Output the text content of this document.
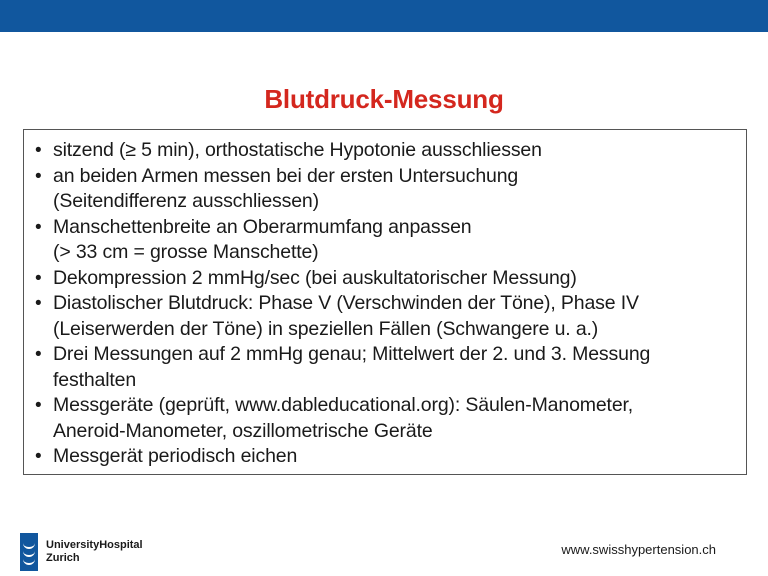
Blutdruck-Messung
• sitzend (≥ 5 min), orthostatische Hypotonie ausschliessen
• an beiden Armen messen bei der ersten Untersuchung
(Seitendifferenz ausschliessen)
• Manschettenbreite an Oberarmumfang anpassen
(> 33 cm = grosse Manschette)
• Dekompression 2 mmHg/sec (bei auskultatorischer Messung)
• Diastolischer Blutdruck: Phase V (Verschwinden der Töne), Phase IV
(Leiserwerden der Töne) in speziellen Fällen (Schwangere u. a.)
• Drei Messungen auf 2 mmHg genau; Mittelwert der 2. und 3. Messung
festhalten
• Messgeräte (geprüft, www.dableducational.org): Säulen-Manometer,
Aneroid-Manometer, oszillometrische Geräte
• Messgerät periodisch eichen
UniversityHospital
Zurich
www.swisshypertension.ch
